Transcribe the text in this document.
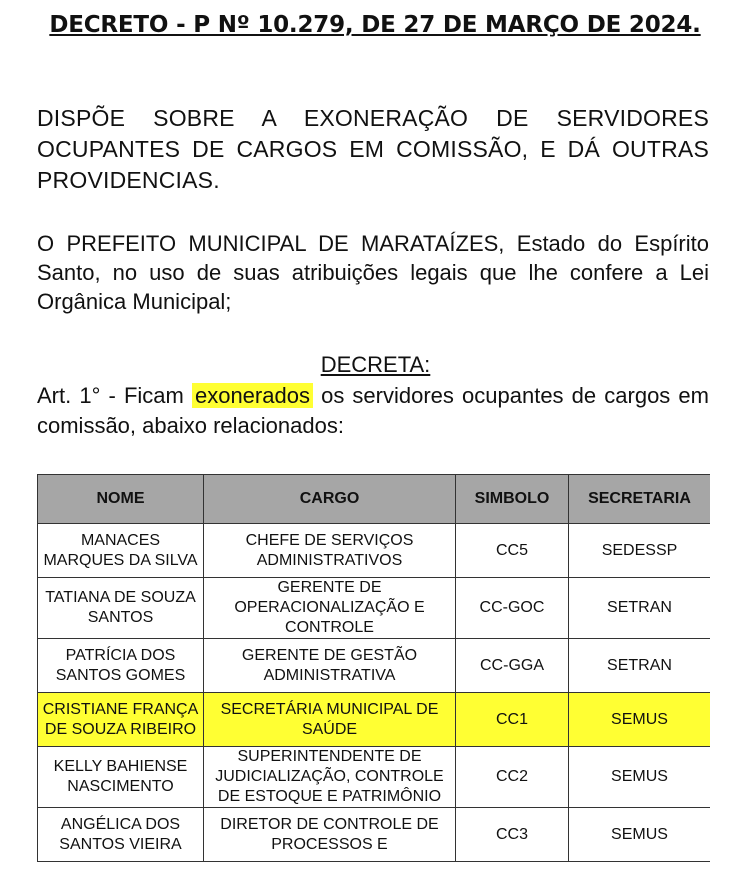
DECRETO - P Nº 10.279, DE 27 DE MARÇO DE 2024.
DISPÕE SOBRE A EXONERAÇÃO DE SERVIDORES OCUPANTES DE CARGOS EM COMISSÃO, E DÁ OUTRAS PROVIDENCIAS.
O PREFEITO MUNICIPAL DE MARATAÍZES, Estado do Espírito Santo, no uso de suas atribuições legais que lhe confere a Lei Orgânica Municipal;
DECRETA:
Art. 1° - Ficam exonerados os servidores ocupantes de cargos em comissão, abaixo relacionados:
NOME	CARGO	SIMBOLO	SECRETARIA
MANACES MARQUES DA SILVA	CHEFE DE SERVIÇOS ADMINISTRATIVOS	CC5	SEDESSP
TATIANA DE SOUZA SANTOS	GERENTE DE OPERACIONALIZAÇÃO E CONTROLE	CC-GOC	SETRAN
PATRÍCIA DOS SANTOS GOMES	GERENTE DE GESTÃO ADMINISTRATIVA	CC-GGA	SETRAN
CRISTIANE FRANÇA DE SOUZA RIBEIRO	SECRETÁRIA MUNICIPAL DE SAÚDE	CC1	SEMUS
KELLY BAHIENSE NASCIMENTO	SUPERINTENDENTE DE JUDICIALIZAÇÃO, CONTROLE DE ESTOQUE E PATRIMÔNIO	CC2	SEMUS
ANGÉLICA DOS SANTOS VIEIRA	DIRETOR DE CONTROLE DE PROCESSOS E	CC3	SEMUS
